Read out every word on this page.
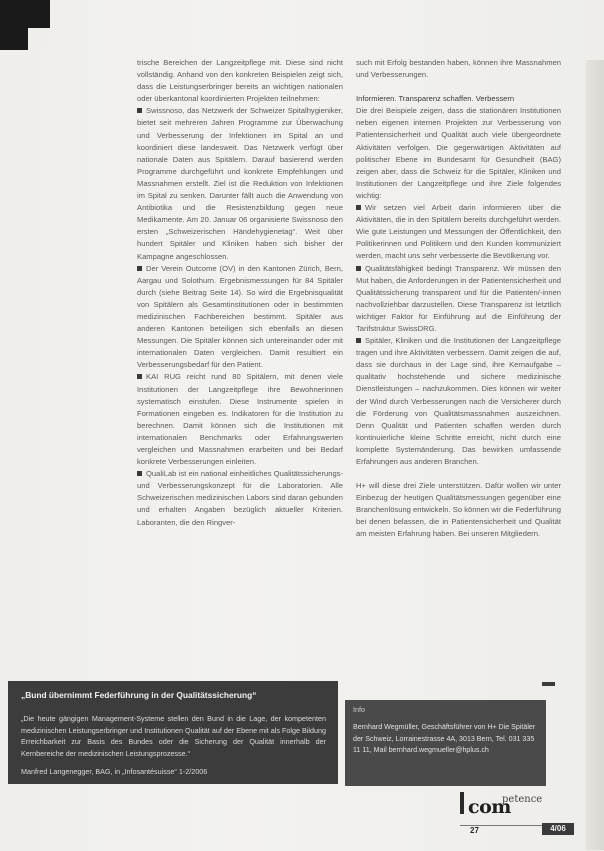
trische Bereichen der Langzeitpflege mit. Diese sind nicht vollständig. Anhand von den konkreten Beispielen zeigt sich, dass die Leistungserbringer bereits an wichtigen nationalen oder überkantonal koordinierten Projekten teilnehmen:

Swissnoso, das Netzwerk der Schweizer Spitalhygieniker, bietet seit mehreren Jahren Programme zur Überwachung und Verbesserung der Infektionen im Spital an und koordiniert diese landesweit. Das Netzwerk verfügt über nationale Daten aus Spitälern. Darauf basierend werden Programme durchgeführt und konkrete Empfehlungen und Massnahmen erstellt. Ziel ist die Reduktion von Infektionen im Spital zu senken. Darunter fällt auch die Anwendung von Antibiotika und die Resistenzbildung gegen neue Medikamente. Am 20. Januar 06 organisierte Swissnoso den ersten „Schweizerischen Händehygienetag“. Weit über hundert Spitäler und Kliniken haben sich bisher der Kampagne angeschlossen.

Der Verein Outcome (OV) in den Kantonen Zürich, Bern, Aargau und Solothurn. Ergebnismessungen für 84 Spitäler durch (siehe Beitrag Seite 14). So wird die Ergebnisqualität von Spitälern als Gesamtinstitutionen oder in bestimmten medizinischen Fachbereichen bestimmt. Spitäler aus anderen Kantonen beteiligen sich ebenfalls an diesen Messungen. Die Spitäler können sich untereinander oder mit internationalen Daten vergleichen. Damit resultiert ein Verbesserungsbedarf für den Patient.

KAI RUG reicht rund 80 Spitälern, mit denen viele Institutionen der Langzeitpflege ihre Bewohnerinnen systematisch einstufen. Diese Instrumente spielen in Formationen eingeben es. Indikatoren für die Institution zu berechnen. Damit können sich die Institutionen mit internationalen Benchmarks oder Erfahrungswerten vergleichen und Massnahmen erarbeiten und bei Bedarf konkrete Verbesserungen einleiten.

QualiLab ist ein national einheitliches Qualitätssicherungs- und Verbesserungskonzept für die Laboratorien. Alle Schweizerischen medizinischen Labors sind daran gebunden und erhalten Angaben bezüglich aktueller Kriterien. Laboranten, die den Ringver-

such mit Erfolg bestanden haben, können ihre Massnahmen und Verbesserungen.

Informieren. Transparenz schaffen. Verbessern

Die drei Beispiele zeigen, dass die stationären Institutionen neben eigenen internen Projekten zur Verbesserung von Patientensicherheit und Qualität auch viele übergeordnete Aktivitäten verfolgen. Die gegenwärtigen Aktivitäten auf politischer Ebene im Bundesamt für Gesundheit (BAG) zeigen aber, dass die Schweiz für die Spitäler, Kliniken und Institutionen der Langzeitpflege und ihre Ziele folgendes wichtig:

Wir setzen viel Arbeit darin informieren über die Aktivitäten, die in den Spitälern bereits durchgeführt werden. Wie gute Leistungen und Messungen der Öffentlichkeit, den Politikerinnen und Politikern und den Kunden kommuniziert werden, macht uns sehr verbesserte die Bevölkerung vor.

Qualitätsfähigkeit bedingt Transparenz. Wir müssen den Mut haben, die Anforderungen in der Patientensicherheit und Qualitätssicherung transparent und für die Patienten/-innen nachvollziehbar darzustellen. Diese Transparenz ist letztlich wichtiger Faktor für Einführung auf die Einführung der Tarifstruktur SwissDRG.

Spitäler, Kliniken und die Institutionen der Langzeitpflege tragen und ihre Aktivitäten verbessern. Damit zeigen die auf, dass sie durchaus in der Lage sind, ihre Kernaufgabe – qualitativ hochstehende und sichere medizinische Dienstleistungen – nachzukommen. Dies können wir weiter der Wind durch Verbesserungen nach die Versicherer durch die Förderung von Qualitätsmassnahmen auszeichnen. Denn Qualität und Patienten schaffen werden durch kontinuierliche kleine Schritte erreicht, nicht durch eine komplette Systemänderung. Das bewirken umfassende Erfahrungen aus anderen Branchen.

H+ will diese drei Ziele unterstützen. Dafür wollen wir unter Einbezug der heutigen Qualitätsmessungen gegenüber eine Branchenlösung entwickeln. So können wir die Federführung bei denen belassen, die in Patientensicherheit und Qualität am meisten Erfahrung haben. Bei unseren Mitgliedern.

„Bund übernimmt Federführung in der Qualitätssicherung“
„Die heute gängigen Management-Systeme stellen den Bund in die Lage, der kompetenten medizinischen Leistungserbringer und Institutionen Qualität auf der Ebene mit als Folge Bildung Erreichbarkeit zur Basis des Bundes oder die Sicherung der Qualität innerhalb der Kernbereiche der medizinischen Leistungsprozesse.“
Manfred Langenegger, BAG, in „Infosantésuisse“ 1-2/2006
Info
Bernhard Wegmüller, Geschäftsführer von H+ Die Spitäler der Schweiz, Lorrainestrasse 4A, 3013 Bern, Tel. 031 335 11 11, Mail bernhard.wegmueller@hplus.ch
com
petence
27	4/06
